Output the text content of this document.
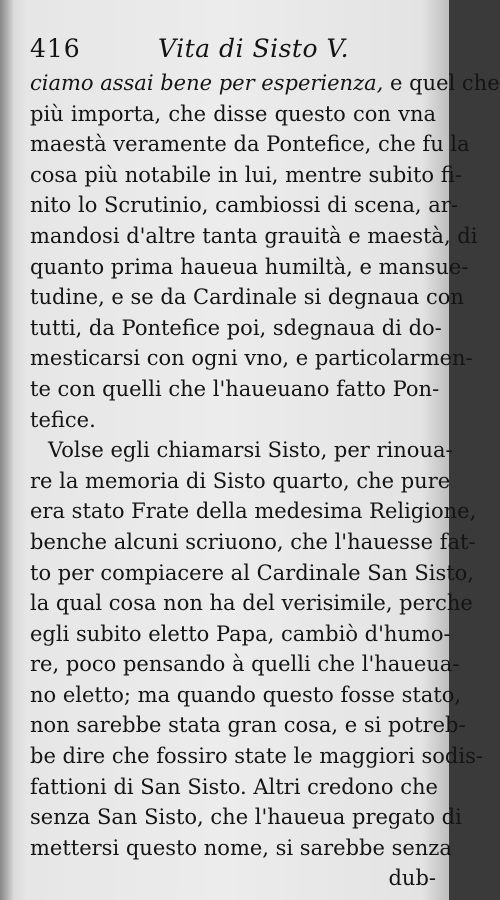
416	Vita di Sisto V.
ciamo assai bene per esperienza, e quel che
più importa, che disse questo con vna
maestà veramente da Pontefice, che fu la
cosa più notabile in lui, mentre subito fi-
nito lo Scrutinio, cambiossi di scena, ar-
mandosi d'altre tanta grauità e maestà, di
quanto prima haueua humiltà, e mansue-
tudine, e se da Cardinale si degnaua con
tutti, da Pontefice poi, sdegnaua di do-
mesticarsi con ogni vno, e particolarmen-
te con quelli che l'haueuano fatto Pon-
tefice.
Volse egli chiamarsi Sisto, per rinoua-
re la memoria di Sisto quarto, che pure
era stato Frate della medesima Religione,
benche alcuni scriuono, che l'hauesse fat-
to per compiacere al Cardinale San Sisto,
la qual cosa non ha del verisimile, perche
egli subito eletto Papa, cambiò d'humo-
re, poco pensando à quelli che l'haueua-
no eletto; ma quando questo fosse stato,
non sarebbe stata gran cosa, e si potreb-
be dire che fossiro state le maggiori sodis-
fattioni di San Sisto. Altri credono che
senza San Sisto, che l'haueua pregato di
mettersi questo nome, si sarebbe senza
dub-
